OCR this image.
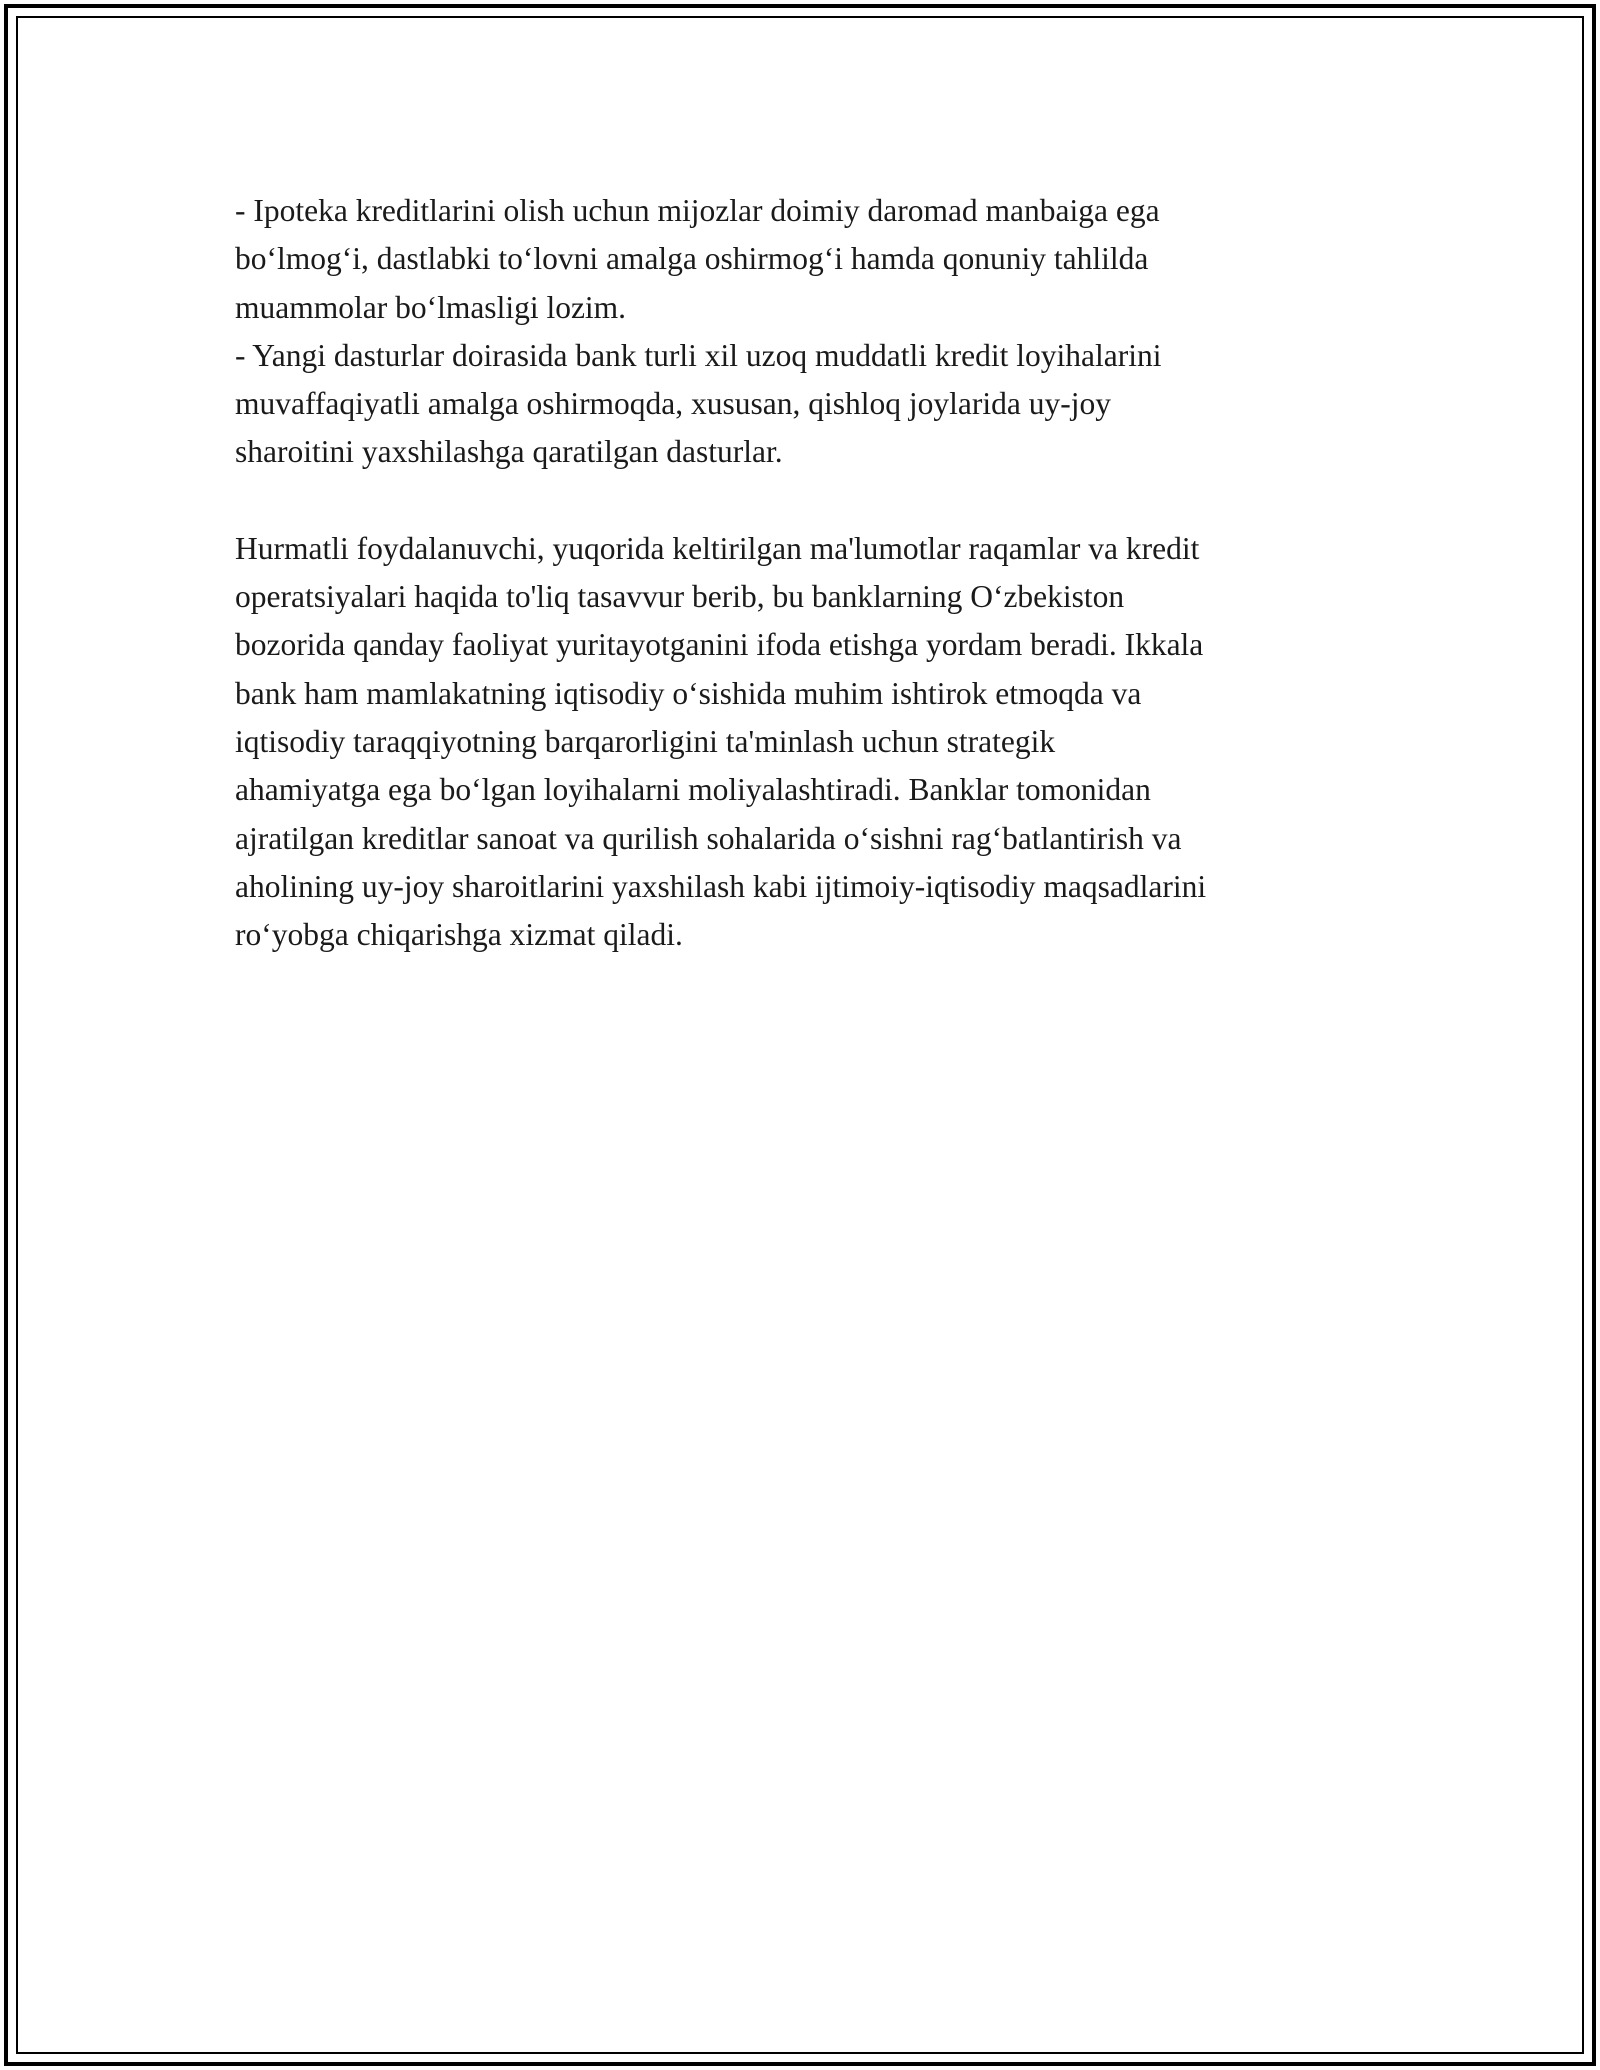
- Ipoteka kreditlarini olish uchun mijozlar doimiy daromad manbaiga ega
bo‘lmog‘i, dastlabki to‘lovni amalga oshirmog‘i hamda qonuniy tahlilda
muammolar bo‘lmasligi lozim.

- Yangi dasturlar doirasida bank turli xil uzoq muddatli kredit loyihalarini
muvaffaqiyatli amalga oshirmoqda, xususan, qishloq joylarida uy-joy
sharoitini yaxshilashga qaratilgan dasturlar.

Hurmatli foydalanuvchi, yuqorida keltirilgan ma'lumotlar raqamlar va kredit
operatsiyalari haqida to'liq tasavvur berib, bu banklarning O‘zbekiston
bozorida qanday faoliyat yuritayotganini ifoda etishga yordam beradi. Ikkala
bank ham mamlakatning iqtisodiy o‘sishida muhim ishtirok etmoqda va
iqtisodiy taraqqiyotning barqarorligini ta'minlash uchun strategik
ahamiyatga ega bo‘lgan loyihalarni moliyalashtiradi. Banklar tomonidan
ajratilgan kreditlar sanoat va qurilish sohalarida o‘sishni rag‘batlantirish va
aholining uy-joy sharoitlarini yaxshilash kabi ijtimoiy-iqtisodiy maqsadlarini
ro‘yobga chiqarishga xizmat qiladi.
